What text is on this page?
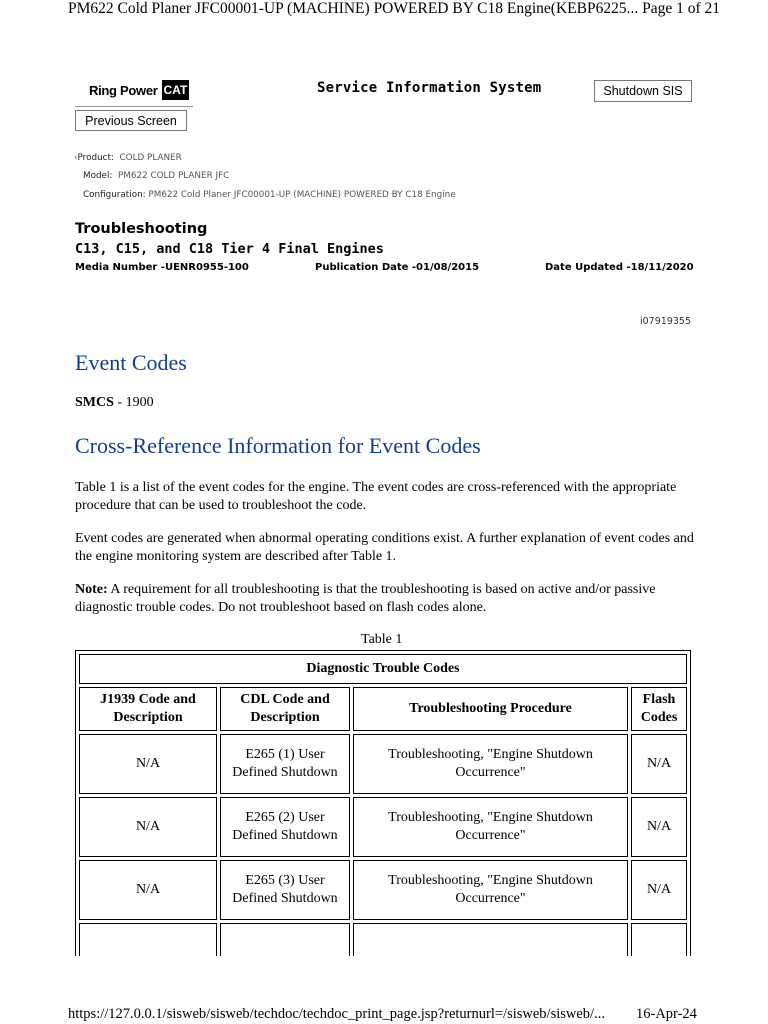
PM622 Cold Planer JFC00001-UP (MACHINE) POWERED BY C18 Engine(KEBP6225... Page 1 of 21
Ring Power CAT	Service Information System	Shutdown SIS
Previous Screen
‹Product: COLD PLANER
Model: PM622 COLD PLANER JFC
Configuration: PM622 Cold Planer JFC00001-UP (MACHINE) POWERED BY C18 Engine
Troubleshooting
C13, C15, and C18 Tier 4 Final Engines
Media Number -UENR0955-100	Publication Date -01/08/2015	Date Updated -18/11/2020
i07919355
Event Codes
SMCS - 1900
Cross-Reference Information for Event Codes

Table 1 is a list of the event codes for the engine. The event codes are cross-referenced with the appropriate procedure that can be used to troubleshoot the code.

Event codes are generated when abnormal operating conditions exist. A further explanation of event codes and the engine monitoring system are described after Table 1.

Note: A requirement for all troubleshooting is that the troubleshooting is based on active and/or passive diagnostic trouble codes. Do not troubleshoot based on flash codes alone.

Table 1
Diagnostic Trouble Codes			
J1939 Code and Description	CDL Code and Description	Troubleshooting Procedure	Flash Codes
N/A	E265 (1) User Defined Shutdown	Troubleshooting, "Engine Shutdown Occurrence"	N/A
N/A	E265 (2) User Defined Shutdown	Troubleshooting, "Engine Shutdown Occurrence"	N/A
N/A	E265 (3) User Defined Shutdown	Troubleshooting, "Engine Shutdown Occurrence"	N/A

https://127.0.0.1/sisweb/sisweb/techdoc/techdoc_print_page.jsp?returnurl=/sisweb/sisweb/... 16-Apr-24
